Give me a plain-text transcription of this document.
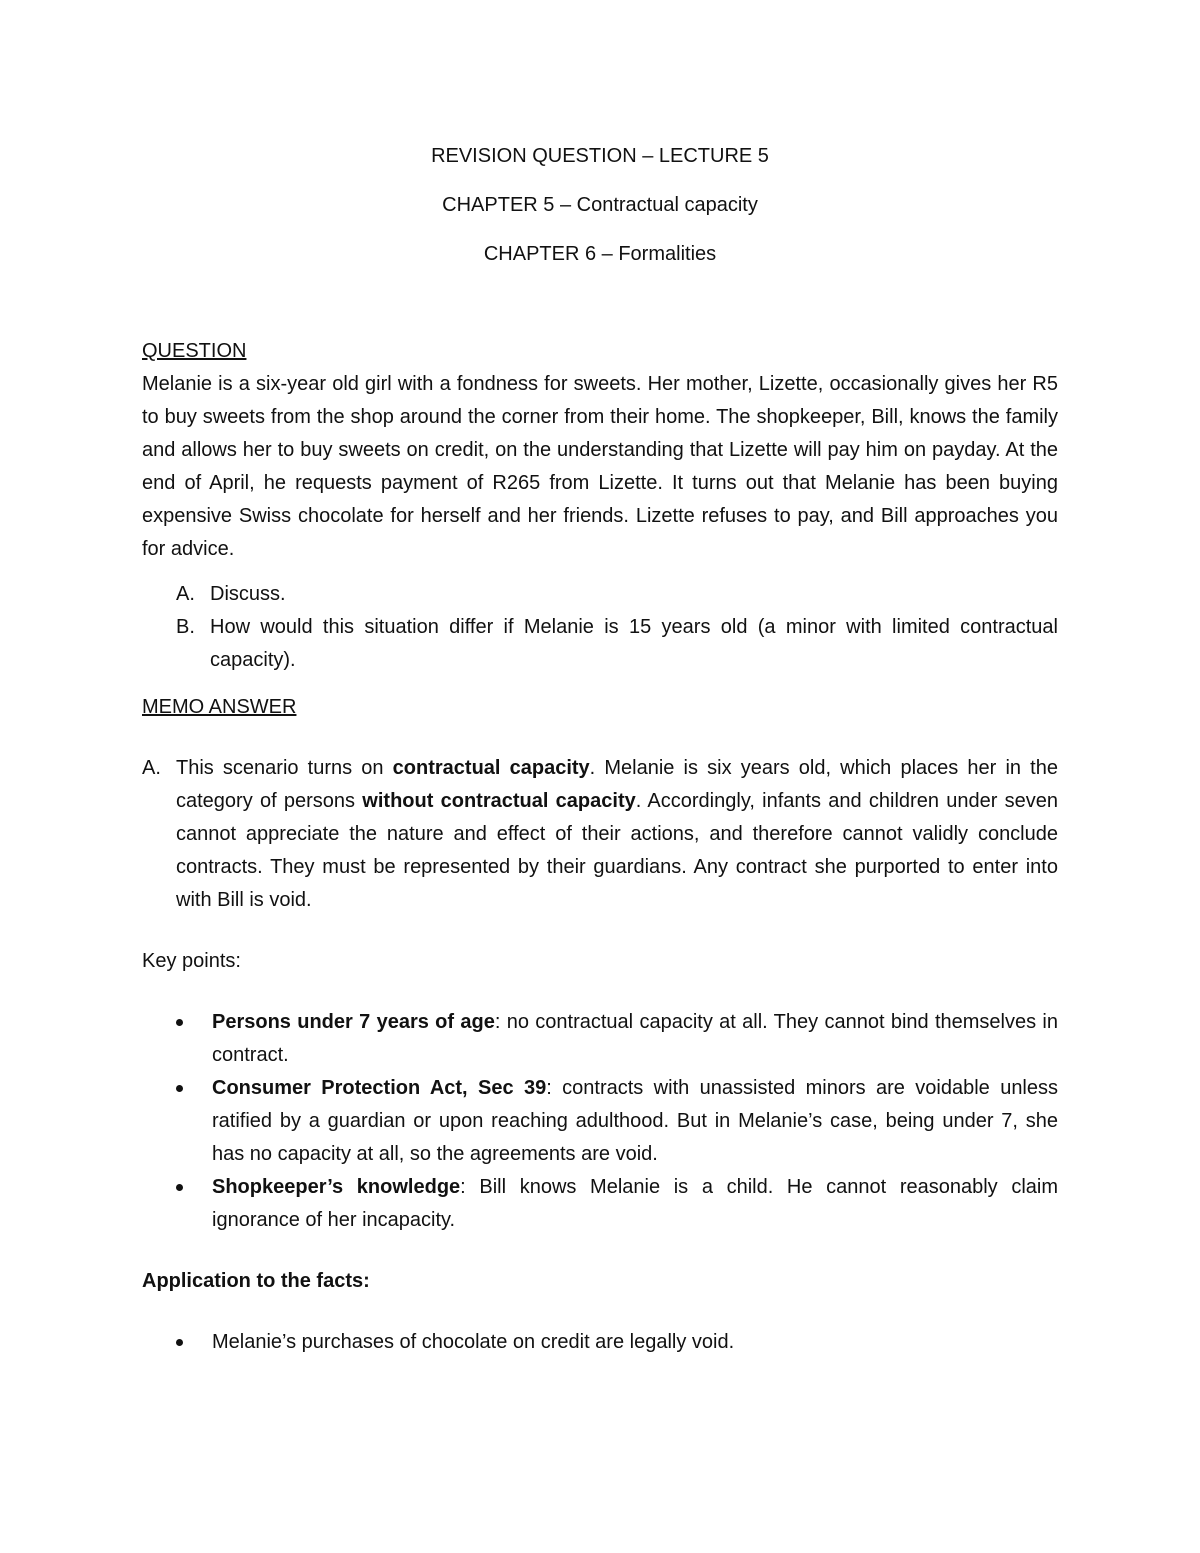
REVISION QUESTION – LECTURE 5

CHAPTER 5 – Contractual capacity

CHAPTER 6 – Formalities

QUESTION

Melanie is a six-year old girl with a fondness for sweets. Her mother, Lizette, occasionally gives her R5 to buy sweets from the shop around the corner from their home. The shopkeeper, Bill, knows the family and allows her to buy sweets on credit, on the understanding that Lizette will pay him on payday. At the end of April, he requests payment of R265 from Lizette. It turns out that Melanie has been buying expensive Swiss chocolate for herself and her friends. Lizette refuses to pay, and Bill approaches you for advice.

A. Discuss.
B. How would this situation differ if Melanie is 15 years old (a minor with limited contractual capacity).

MEMO ANSWER

A. This scenario turns on contractual capacity. Melanie is six years old, which places her in the category of persons without contractual capacity. Accordingly, infants and children under seven cannot appreciate the nature and effect of their actions, and therefore cannot validly conclude contracts. They must be represented by their guardians. Any contract she purported to enter into with Bill is void.

Key points:

Persons under 7 years of age: no contractual capacity at all. They cannot bind themselves in contract.
Consumer Protection Act, Sec 39: contracts with unassisted minors are voidable unless ratified by a guardian or upon reaching adulthood. But in Melanie’s case, being under 7, she has no capacity at all, so the agreements are void.
Shopkeeper’s knowledge: Bill knows Melanie is a child. He cannot reasonably claim ignorance of her incapacity.

Application to the facts:

Melanie’s purchases of chocolate on credit are legally void.
